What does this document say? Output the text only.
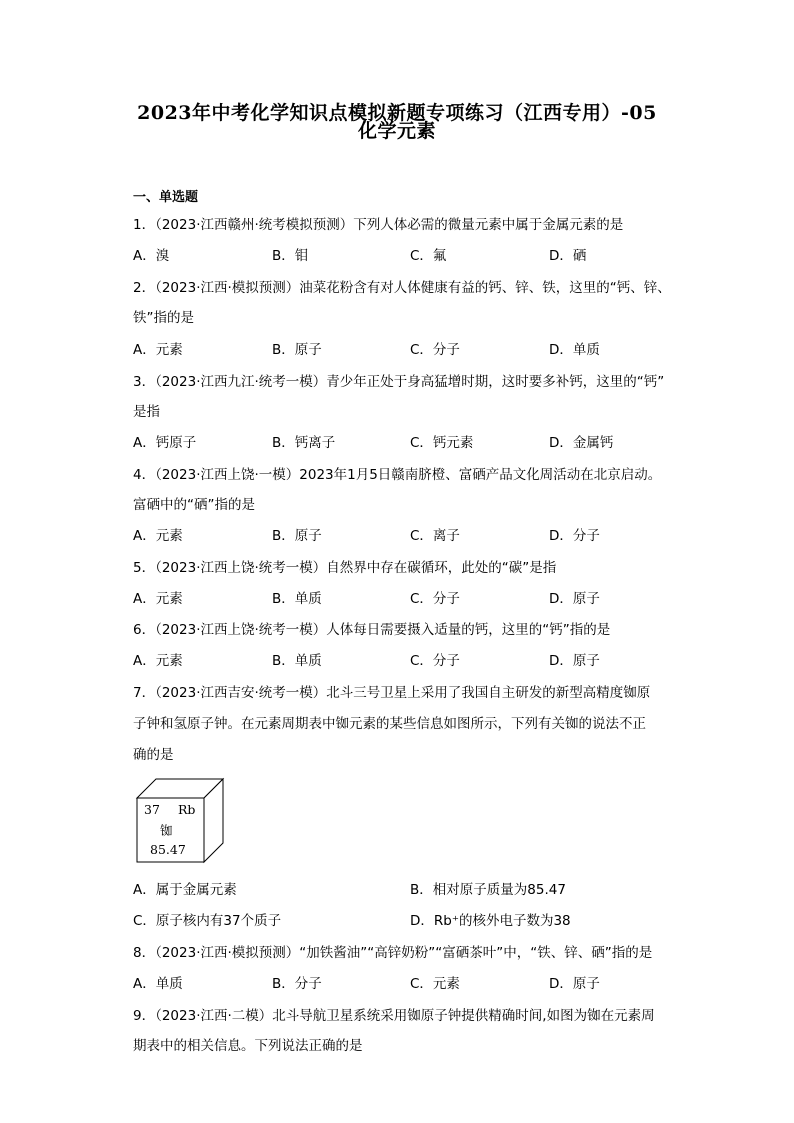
2023年中考化学知识点模拟新题专项练习（江西专用）-05
化学元素
一、单选题
1．（2023·江西赣州·统考模拟预测）下列人体必需的微量元素中属于金属元素的是
A．溴	B．钼	C．氟	D．硒
2．（2023·江西·模拟预测）油菜花粉含有对人体健康有益的钙、锌、铁，这里的“钙、锌、
铁”指的是
A．元素	B．原子	C．分子	D．单质
3．（2023·江西九江·统考一模）青少年正处于身高猛增时期，这时要多补钙，这里的“钙”
是指
A．钙原子	B．钙离子	C．钙元素	D．金属钙
4．（2023·江西上饶·一模）2023年1月5日赣南脐橙、富硒产品文化周活动在北京启动。
富硒中的“硒”指的是
A．元素	B．原子	C．离子	D．分子
5．（2023·江西上饶·统考一模）自然界中存在碳循环，此处的“碳”是指
A．元素	B．单质	C．分子	D．原子
6．（2023·江西上饶·统考一模）人体每日需要摄入适量的钙，这里的“钙”指的是
A．元素	B．单质	C．分子	D．原子
7．（2023·江西吉安·统考一模）北斗三号卫星上采用了我国自主研发的新型高精度铷原
子钟和氢原子钟。在元素周期表中铷元素的某些信息如图所示，下列有关铷的说法不正
确的是
37 Rb
铷
85.47
A．属于金属元素	B．相对原子质量为85.47
C．原子核内有37个质子	D．Rb⁺的核外电子数为38
8．（2023·江西·模拟预测）“加铁酱油”“高锌奶粉”“富硒茶叶”中，“铁、锌、硒”指的是
A．单质	B．分子	C．元素	D．原子
9．（2023·江西·二模）北斗导航卫星系统采用铷原子钟提供精确时间,如图为铷在元素周
期表中的相关信息。下列说法正确的是
